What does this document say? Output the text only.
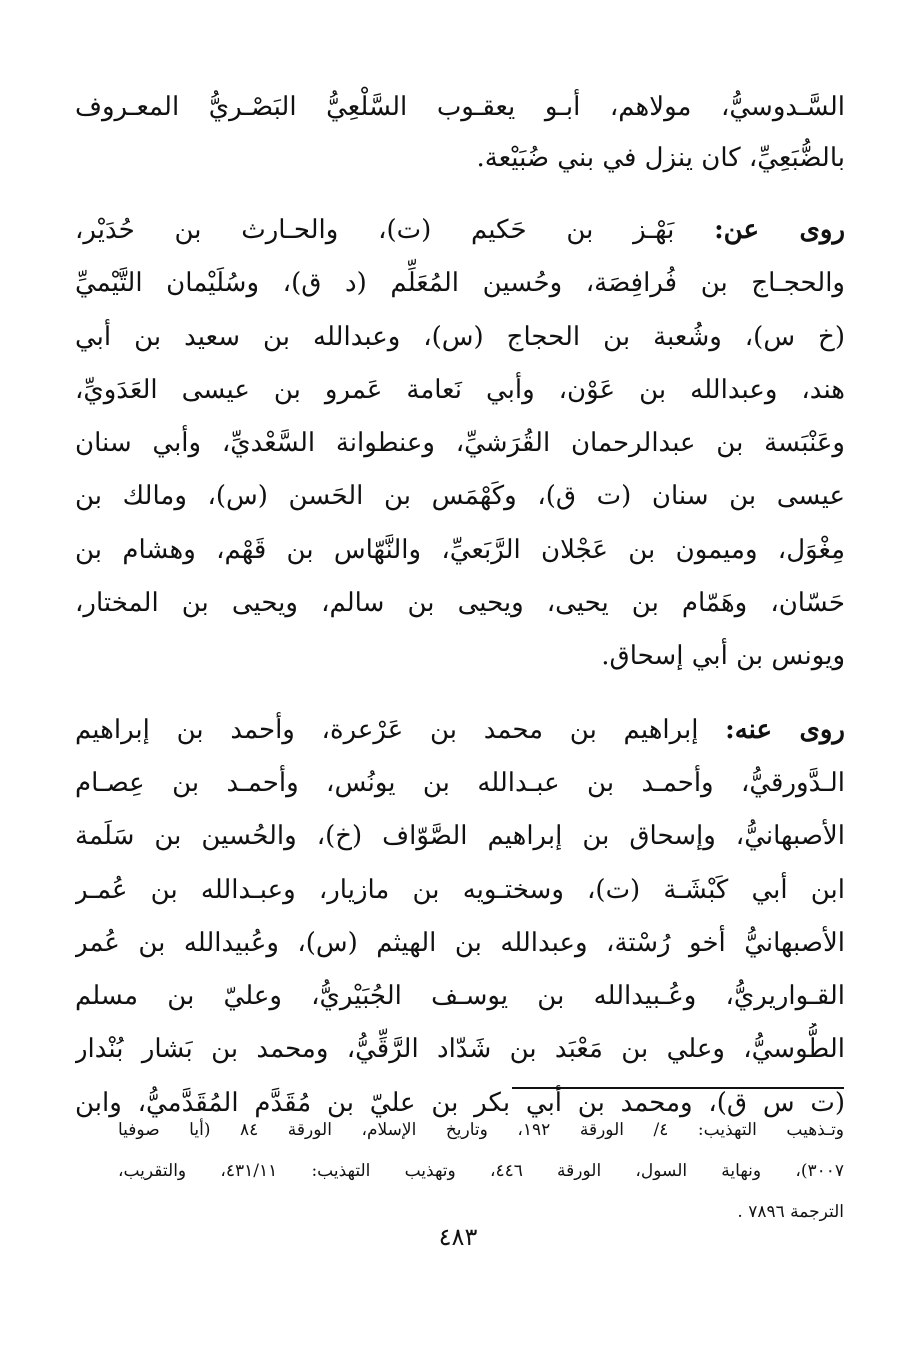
السَّـدوسيُّ، مولاهم، أبـو يعقـوب السَّلْعِيُّ البَصْـريُّ المعـروف
بالضُّبَعِيِّ، كان ينزل في بني ضُبَيْعة.
روى عن: بَهْـز بن حَكيم (ت)، والحـارث بن حُدَيْر،
والحجـاج بن فُرافِصَة، وحُسين المُعَلِّم (د ق)، وسُلَيْمان التَّيْميِّ
(خ س)، وشُعبة بن الحجاج (س)، وعبدالله بن سعيد بن أبي
هند، وعبدالله بن عَوْن، وأبي نَعامة عَمرو بن عيسى العَدَويِّ،
وعَنْبَسة بن عبدالرحمان القُرَشيِّ، وعنطوانة السَّعْديِّ، وأبي سنان
عيسى بن سنان (ت ق)، وكَهْمَس بن الحَسن (س)، ومالك بن
مِغْوَل، وميمون بن عَجْلان الرَّبَعيِّ، والنَّهّاس بن قَهْم، وهشام بن
حَسّان، وهَمّام بن يحيى، ويحيى بن سالم، ويحيى بن المختار،
ويونس بن أبي إسحاق.
روى عنه: إبراهيم بن محمد بن عَرْعرة، وأحمد بن إبراهيم
الـدَّورقيُّ، وأحمـد بن عبـدالله بن يونُس، وأحمـد بن عِصـام
الأصبهانيُّ، وإسحاق بن إبراهيم الصَّوّاف (خ)، والحُسين بن سَلَمة
ابن أبي كَبْشَـة (ت)، وسختـويه بن مازيار، وعبـدالله بن عُمـر
الأصبهانيُّ أخو رُسْتة، وعبدالله بن الهيثم (س)، وعُبيدالله بن عُمر
القـواريريُّ، وعُـبيدالله بن يوسـف الجُبَيْريُّ، وعليّ بن مسلم
الطُّوسيُّ، وعلي بن مَعْبَد بن شَدّاد الرَّقِّيُّ، ومحمد بن بَشار بُنْدار
(ت س ق)، ومحمد بن أبي بكر بن عليّ بن مُقَدَّم المُقَدَّميُّ، وابن
وتـذهيب التهذيب: ٤/ الورقة ١٩٢، وتاريخ الإسلام، الورقة ٨٤ (أيا صوفيا
٣٠٠٧)، ونهاية السول، الورقة ٤٤٦، وتهذيب التهذيب: ٤٣١/١١، والتقريب،
الترجمة ٧٨٩٦ .
٤٨٣
